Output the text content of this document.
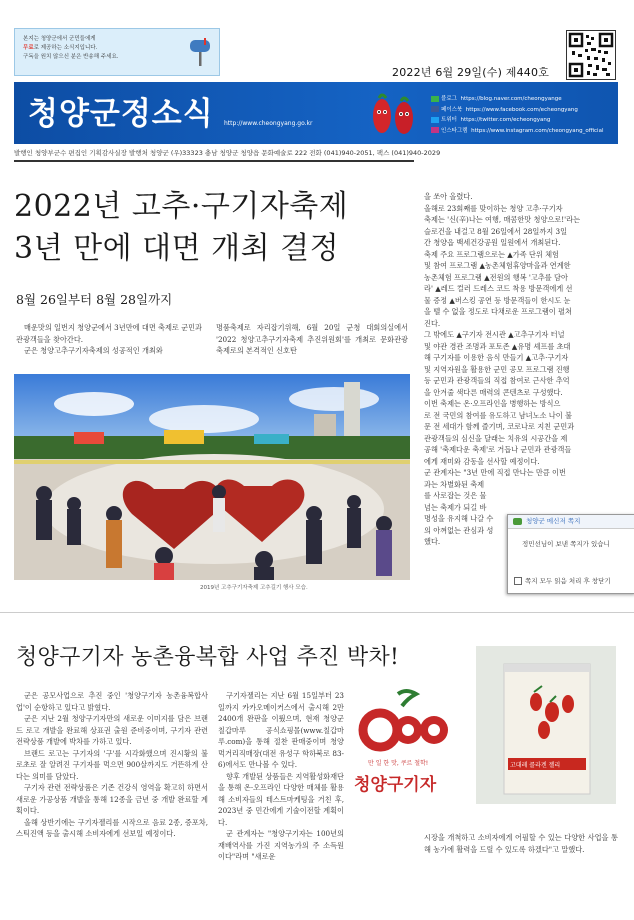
본지는 청양군에서 군민들에게
무료로 제공하는 소식지입니다.
구독을 원치 않으신 분은 반송해 주세요.
2022년 6월 29일(수) 제440호
청양군정소식 http://www.cheongyang.go.kr
블로그 https://blog.naver.com/cheongyange
페이스북 https://www.facebook.com/echeongyang
트위터 https://twitter.com/echeongyang
인스타그램 https://www.instagram.com/cheongyang_official
발행인 청양부군수 편집인 기획감사실장 발행처 청양군 (우)33323 충남 청양군 청양읍 문화예술로 222 전화 (041)940-2051, 팩스 (041)940-2029
2022년 고추·구기자축제
3년 만에 대면 개최 결정
8월 26일부터 8월 28일까지

매운맛의 일번지 청양군에서 3년만에 대면 축제로 군민과 관광객들을 찾아간다.

군은 청양고추구기자축제의 성공적인 개최와

명품축제로 자리잡기위해, 6월 20일 군청 대회의실에서 '2022 청양고추구기자축제 추진위원회'를 개최로 문화관광 축제로의 본격적인 신호탄

2019년 고추구기자축제 고추길기 행사 모습.
을 쏘아 올렸다.
올해로 23회째를 맞이하는 청양 고추·구기자
축제는 '신(辛)나는 여행, 매콤한맛 청양으로!'라는
슬로건을 내걸고 8월 26일에서 28일까지 3일
간 청양읍 백세건강공원 일원에서 개최된다.
축제 주요 프로그램으로는 ▲가족 단위 체험
및 참여 프로그램 ▲농촌체험휴양마을과 연계한
농촌체험 프로그램 ▲전원의 행복 '고추를 담아
라' ▲레드 컬러 드레스 코드 착용 방문객에게 선
물 증정 ▲버스킹 공연 등 방문객들이 한시도 눈
을 뗄 수 없을 정도로 다채로운 프로그램이 펼쳐
진다.
그 밖에도 ▲구기자 전시관 ▲고추구기자 터널
및 야관 경관 조명과 포토존 ▲유명 셰프를 초대
해 구기자를 이용한 음식 만들기 ▲고추·구기자
및 지역자원을 활용한 군민 공모 프로그램 진행
등 군민과 관광객들의 직접 참여로 근사한 추억
을 안겨줄 색다른 매력의 콘텐츠로 구성했다.
이번 축제는 온·오프라인을 병행하는 방식으
로 전 국민의 참여를 유도하고 남녀노소 나이 불
문 전 세대가 함께 즐기며, 코로나로 지친 군민과
관광객들의 심신을 달래는 치유의 시공간을 제
공해 '축제다운 축제'로 거듭나 군민과 관광객들
에게 재미와 감동을 선사할 예정이다.
군 관계자는 "3년 만에 직접 만나는 만큼 이번
과는 차별화된 축제
를 사로잡는 것은 물
넘는 축제가 되길 바
명성을 유지해 나갈 수
의 아껴없는 관심과 성
했다.
청양군 메신저 쪽지
정민선님이 보낸 쪽지가 있습니
쪽지 모두 읽음 처리 후 창닫기
청양구기자 농촌융복합 사업 추진 박차!

군은 공모사업으로 추진 중인 '청양구기자 농촌융복합사업'이 순항하고 있다고 밝혔다.

군은 지난 2월 청양구기자만의 새로운 이미지를 담은 브랜드 로고 개발을 완료해 상표권 출원 준비중이며, 구기자 관련 전략상품 개발에 박차를 가하고 있다.

브랜드 로고는 구기자의 '구'를 시각화했으며 진시황의 불로초로 잘 알려진 구기자를 먹으면 900살까지도 거뜬하게 산다는 의미를 담았다.

구기자 관련 전략상품은 기존 건강식 영역을 확고히 하면서 새로운 가공상품 개발을 통해 12종을 금년 중 개발 완료할 계획이다.

올해 상반기에는 구기자젤리를 시작으로 음료 2종, 증포차, 스틱진액 등을 출시해 소비자에게 선보일 예정이다.

구기자젤리는 지난 6월 15일부터 23일까지 카카오메이커스에서 출시해 2만2400개 완판을 이뤘으며, 현재 청양군 칠갑마루 공식쇼핑몰(www.칠갑마루.com)을 통해 절찬 판매중이며 청양먹거리직매장(대전 유성구 학하북로 83-6)에서도 만나볼 수 있다.

향후 개발된 상품들은 지역활성화재단을 통해 온·오프라인 다양한 매체를 활용해 소비자들의 테스트마케팅을 거친 후, 2023년 중 민간에게 기술이전할 계획이다.

군 관계자는 "청양구기자는 100년의 재배역사를 가진 지역농가의 주 소득원이다"라며 "새로운

만 일 한 맛, 쿠르 철학!
청양구기자
고대레 콜라겐 젤리

시장을 개척하고 소비자에게 어필할 수 있는 다양한 사업을 통해 농가에 활력을 드릴 수 있도록 하겠다"고 말했다.
